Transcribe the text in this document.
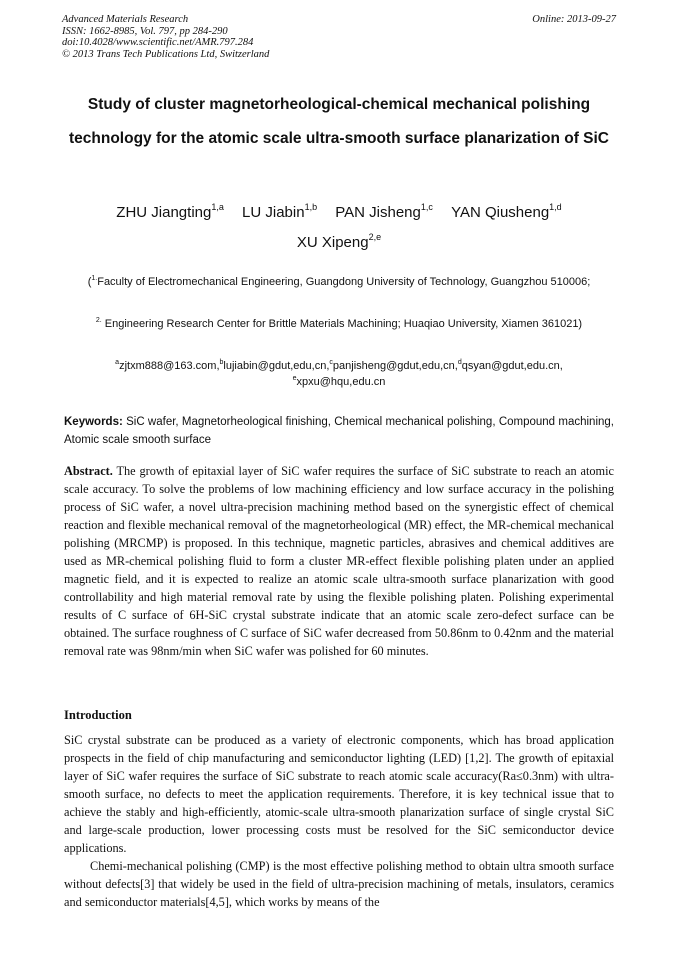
Advanced Materials Research
ISSN: 1662-8985, Vol. 797, pp 284-290
doi:10.4028/www.scientific.net/AMR.797.284
© 2013 Trans Tech Publications Ltd, Switzerland
Online: 2013-09-27
Study of cluster magnetorheological-chemical mechanical polishing technology for the atomic scale ultra-smooth surface planarization of SiC
ZHU Jiangting$^{1,a}$ LU Jiabin$^{1,b}$ PAN Jisheng$^{1,c}$ YAN Qiusheng$^{1,d}$
XU Xipeng$^{2,e}$
($^{1.}$Faculty of Electromechanical Engineering, Guangdong University of Technology, Guangzhou 510006;
$^{2.}$ Engineering Research Center for Brittle Materials Machining; Huaqiao University, Xiamen 361021)
$^a$zjtxm888@163.com,$^b$lujiabin@gdut,edu,cn,$^c$panjisheng@gdut,edu,cn,$^d$qsyan@gdut,edu.cn,
$^e$xpxu@hqu,edu.cn
Keywords: SiC wafer, Magnetorheological finishing, Chemical mechanical polishing, Compound machining, Atomic scale smooth surface

Abstract. The growth of epitaxial layer of SiC wafer requires the surface of SiC substrate to reach an atomic scale accuracy. To solve the problems of low machining efficiency and low surface accuracy in the polishing process of SiC wafer, a novel ultra-precision machining method based on the synergistic effect of chemical reaction and flexible mechanical removal of the magnetorheological (MR) effect, the MR-chemical mechanical polishing (MRCMP) is proposed. In this technique, magnetic particles, abrasives and chemical additives are used as MR-chemical polishing fluid to form a cluster MR-effect flexible polishing platen under an applied magnetic field, and it is expected to realize an atomic scale ultra-smooth surface planarization with good controllability and high material removal rate by using the flexible polishing platen. Polishing experimental results of C surface of 6H-SiC crystal substrate indicate that an atomic scale zero-defect surface can be obtained. The surface roughness of C surface of SiC wafer decreased from 50.86nm to 0.42nm and the material removal rate was 98nm/min when SiC wafer was polished for 60 minutes.

Introduction

SiC crystal substrate can be produced as a variety of electronic components, which has broad application prospects in the field of chip manufacturing and semiconductor lighting (LED) [1,2]. The growth of epitaxial layer of SiC wafer requires the surface of SiC substrate to reach atomic scale accuracy(Ra≤0.3nm) with ultra-smooth surface, no defects to meet the application requirements. Therefore, it is key technical issue that to achieve the stably and high-efficiently, atomic-scale ultra-smooth planarization surface of single crystal SiC and large-scale production, lower processing costs must be resolved for the SiC semiconductor device applications.

Chemi-mechanical polishing (CMP) is the most effective polishing method to obtain ultra smooth surface without defects[3] that widely be used in the field of ultra-precision machining of metals, insulators, ceramics and semiconductor materials[4,5], which works by means of the
